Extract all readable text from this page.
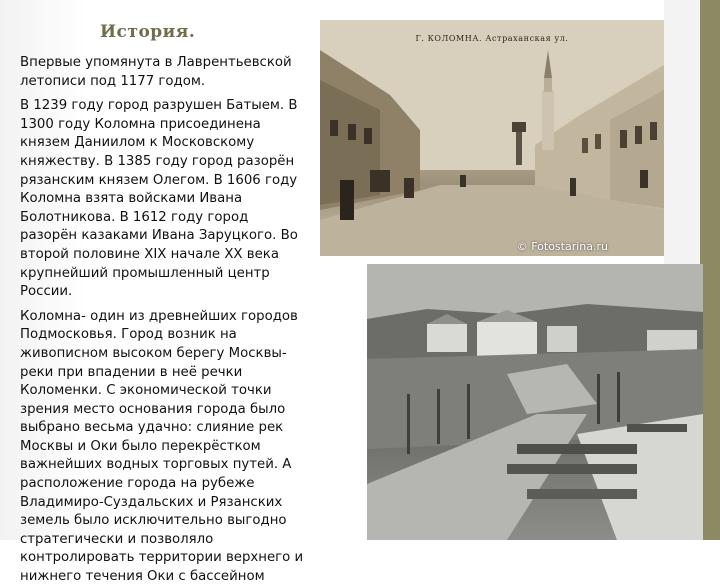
История.

Впервые упомянута в Лаврентьевской летописи под 1177 годом.

В 1239 году город разрушен Батыем. В 1300 году Коломна присоединена князем Даниилом к Московскому княжеству. В 1385 году город разорён рязанским князем Олегом. В 1606 году Коломна взята войсками Ивана Болотникова. В 1612 году город разорён казаками Ивана Заруцкого. Во второй половине XIX начале XX века крупнейший промышленный центр России.

Коломна- один из древнейших городов Подмосковья. Город возник на живописном высоком берегу Москвы-реки при впадении в неё речки Коломенки. С экономической точки зрения место основания города было выбрано весьма удачно: слияние рек Москвы и Оки было перекрёстком важнейших водных торговых путей. А расположение города на рубеже Владимиро-Суздальских и Рязанских земель было исключительно выгодно стратегически и позволяло контролировать территории верхнего и нижнего течения Оки с бассейном

Г. КОЛОМНА. Астраханская ул.
© Fotostarina.ru
